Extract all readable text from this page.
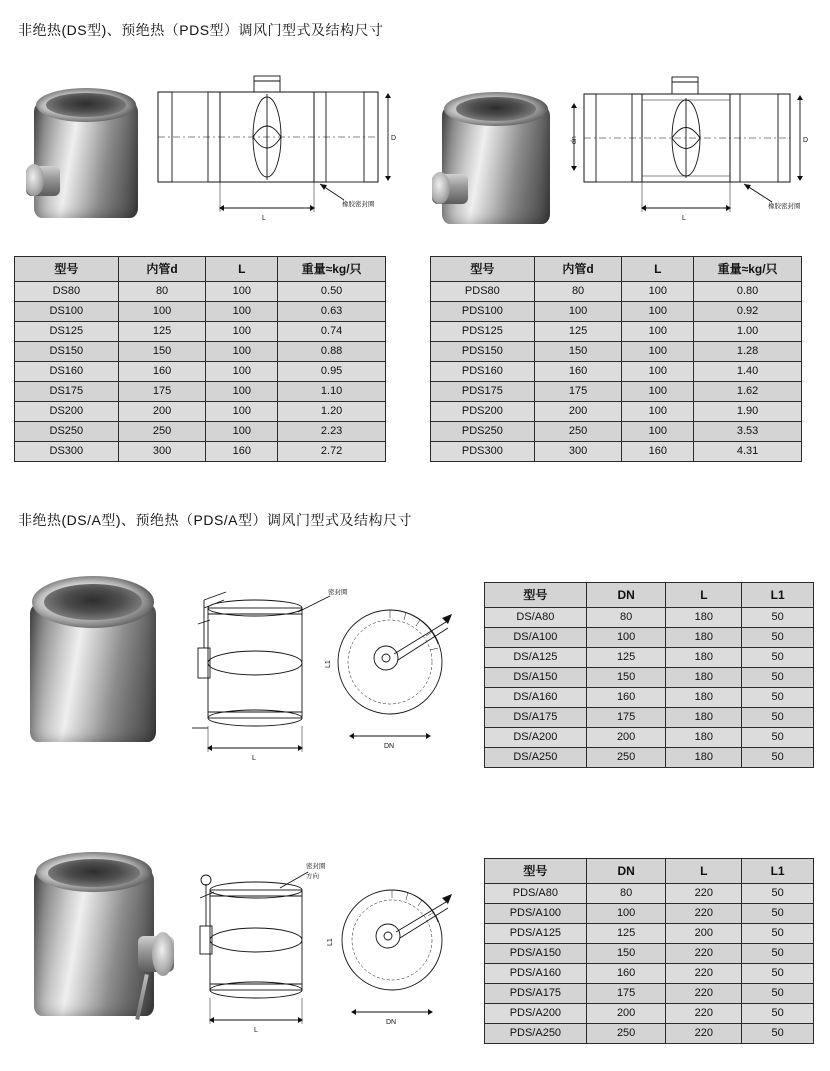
非绝热(DS型)、预绝热（PDS型）调风门型式及结构尺寸
非绝热(DS/A型)、预绝热（PDS/A型）调风门型式及结构尺寸
D
L
橡胶密封圈
D
dn
L
橡胶密封圈
型号	内管d	L	重量≈kg/只
DS80	80	100	0.50
DS100	100	100	0.63
DS125	125	100	0.74
DS150	150	100	0.88
DS160	160	100	0.95
DS175	175	100	1.10
DS200	200	100	1.20
DS250	250	100	2.23
DS300	300	160	2.72
型号	内管d	L	重量≈kg/只
PDS80	80	100	0.80
PDS100	100	100	0.92
PDS125	125	100	1.00
PDS150	150	100	1.28
PDS160	160	100	1.40
PDS175	175	100	1.62
PDS200	200	100	1.90
PDS250	250	100	3.53
PDS300	300	160	4.31
密封圈
L
DN
L1
型号	DN	L	L1
DS/A80	80	180	50
DS/A100	100	180	50
DS/A125	125	180	50
DS/A150	150	180	50
DS/A160	160	180	50
DS/A175	175	180	50
DS/A200	200	180	50
DS/A250	250	180	50
密封圈
方向
L
DN
L1
型号	DN	L	L1
PDS/A80	80	220	50
PDS/A100	100	220	50
PDS/A125	125	200	50
PDS/A150	150	220	50
PDS/A160	160	220	50
PDS/A175	175	220	50
PDS/A200	200	220	50
PDS/A250	250	220	50
